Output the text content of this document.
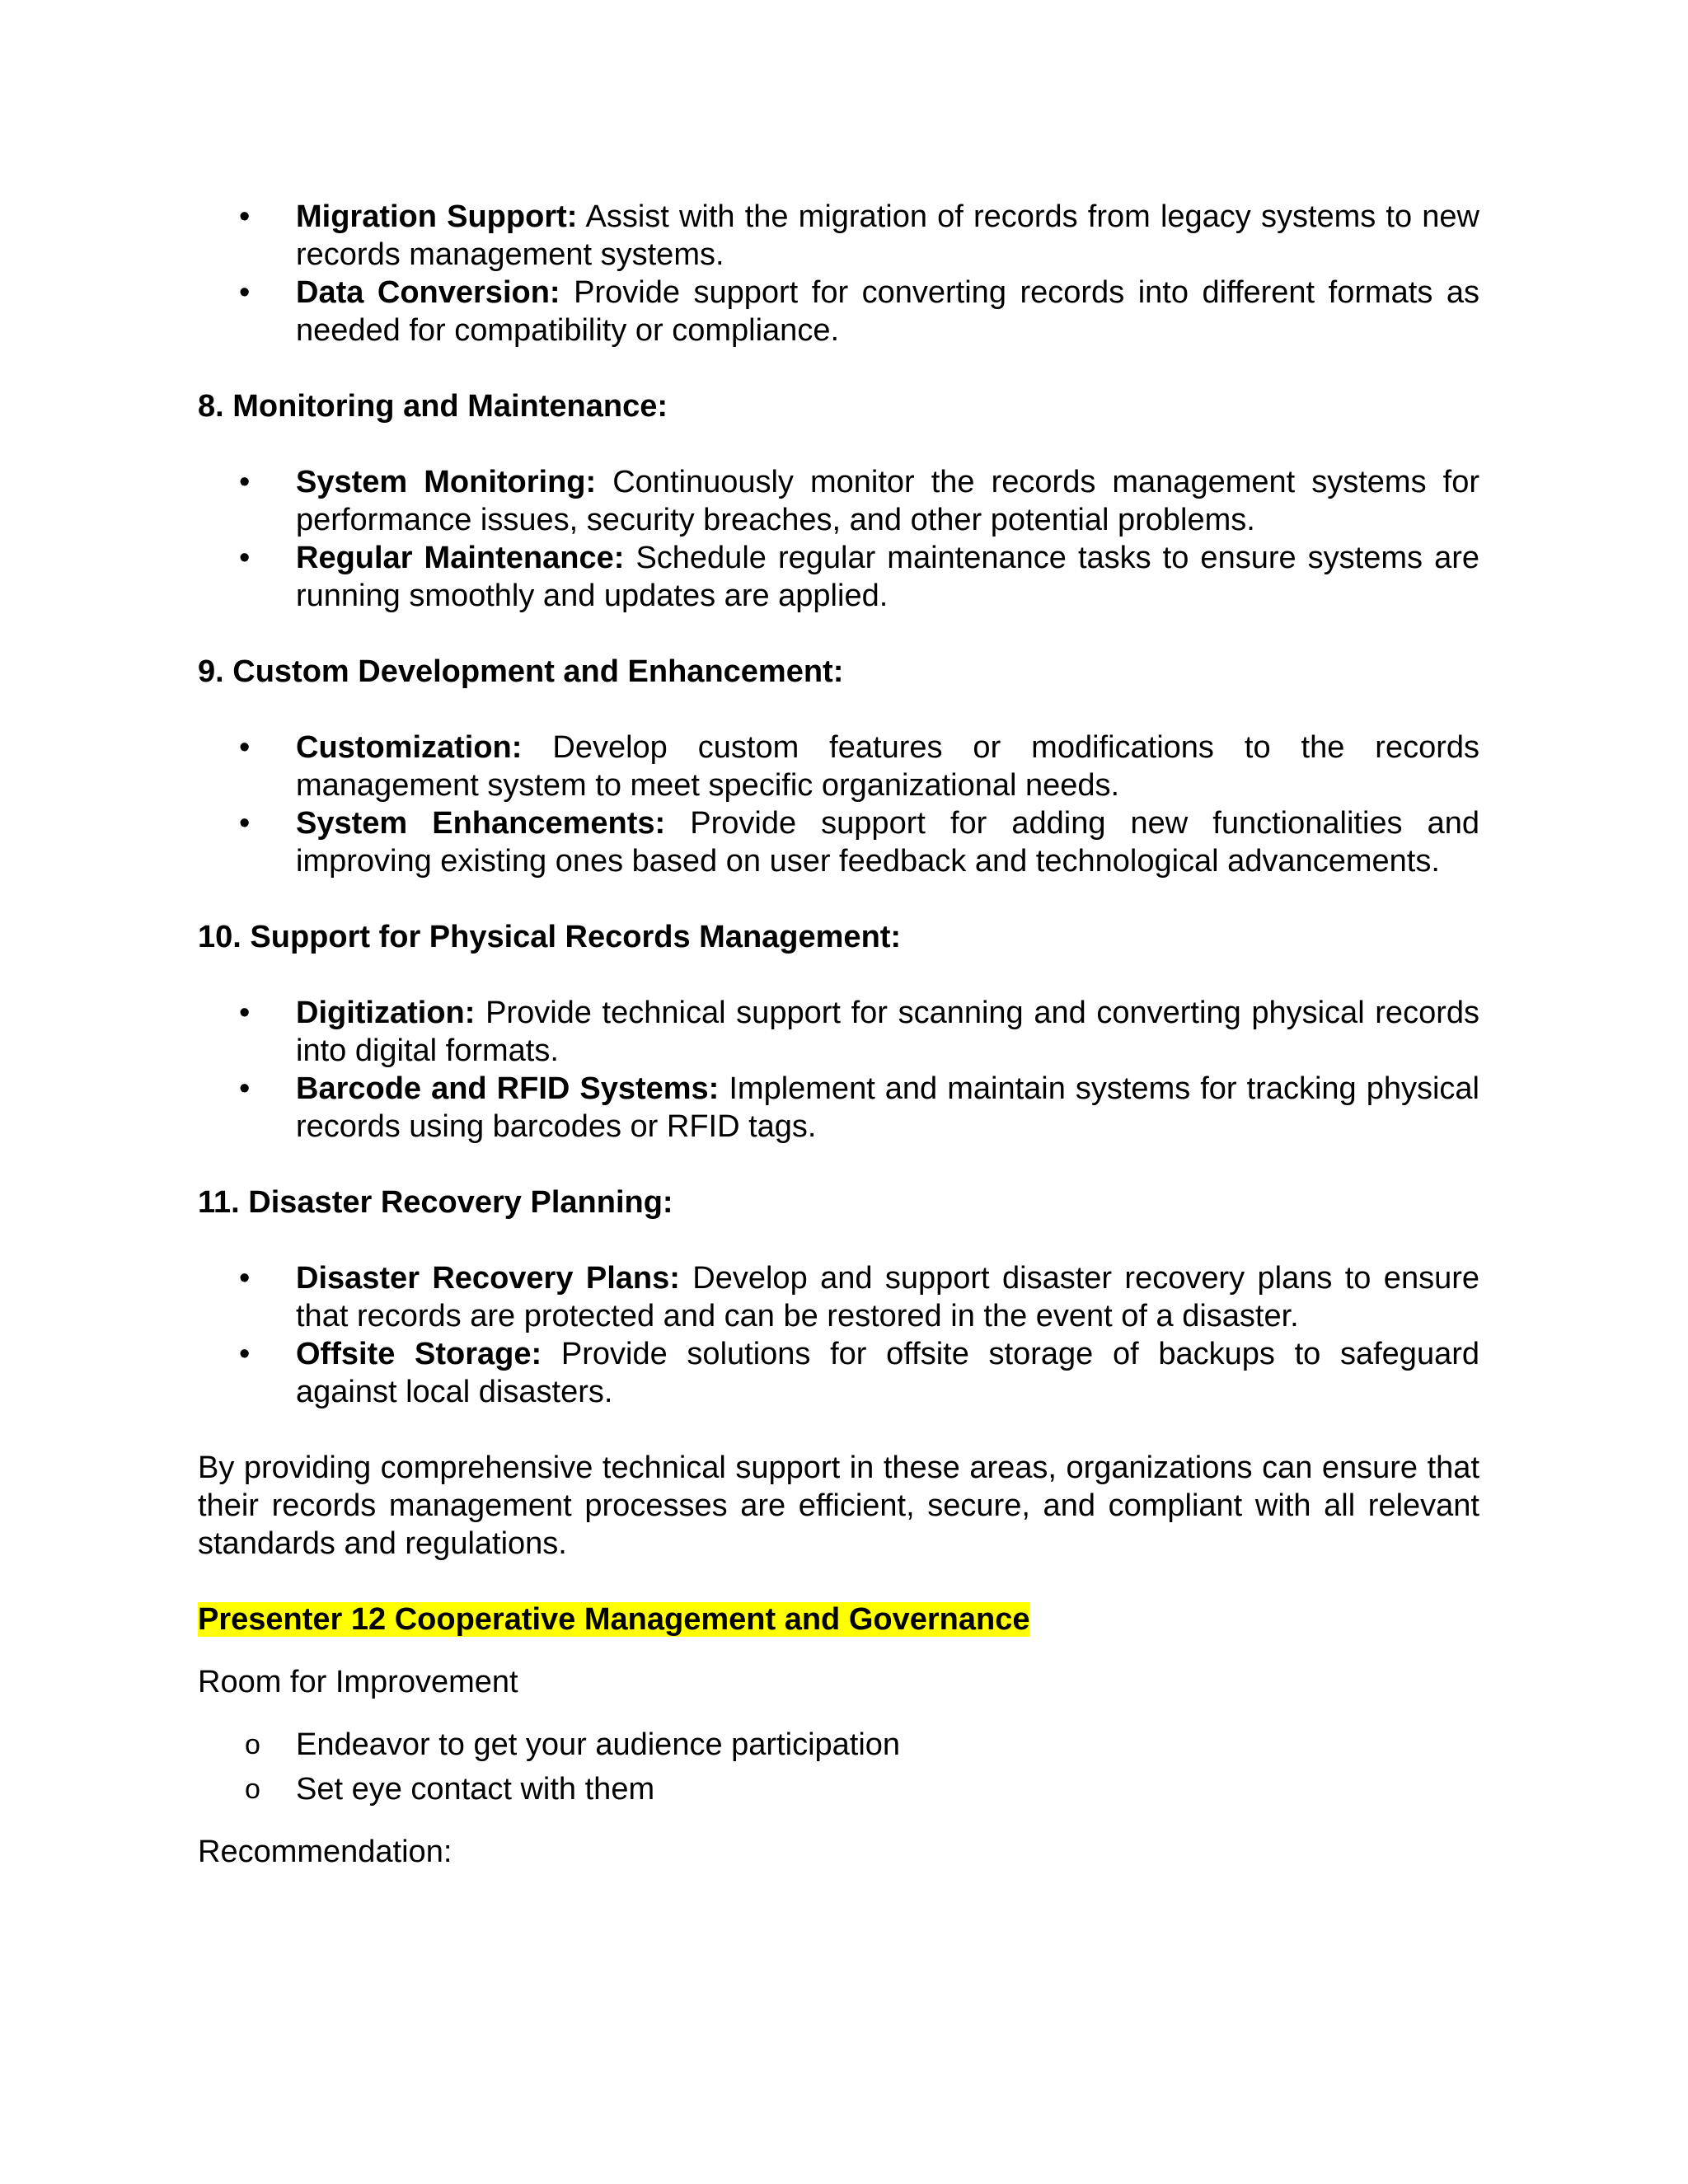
• Migration Support: Assist with the migration of records from legacy systems to new records management systems.
• Data Conversion: Provide support for converting records into different formats as needed for compatibility or compliance.

8. Monitoring and Maintenance:

• System Monitoring: Continuously monitor the records management systems for performance issues, security breaches, and other potential problems.
• Regular Maintenance: Schedule regular maintenance tasks to ensure systems are running smoothly and updates are applied.

9. Custom Development and Enhancement:

• Customization: Develop custom features or modifications to the records management system to meet specific organizational needs.
• System Enhancements: Provide support for adding new functionalities and improving existing ones based on user feedback and technological advancements.

10. Support for Physical Records Management:

• Digitization: Provide technical support for scanning and converting physical records into digital formats.
• Barcode and RFID Systems: Implement and maintain systems for tracking physical records using barcodes or RFID tags.

11. Disaster Recovery Planning:

• Disaster Recovery Plans: Develop and support disaster recovery plans to ensure that records are protected and can be restored in the event of a disaster.
• Offsite Storage: Provide solutions for offsite storage of backups to safeguard against local disasters.

By providing comprehensive technical support in these areas, organizations can ensure that their records management processes are efficient, secure, and compliant with all relevant standards and regulations.

Presenter 12 Cooperative Management and Governance

Room for Improvement

o Endeavor to get your audience participation
o Set eye contact with them

Recommendation:
